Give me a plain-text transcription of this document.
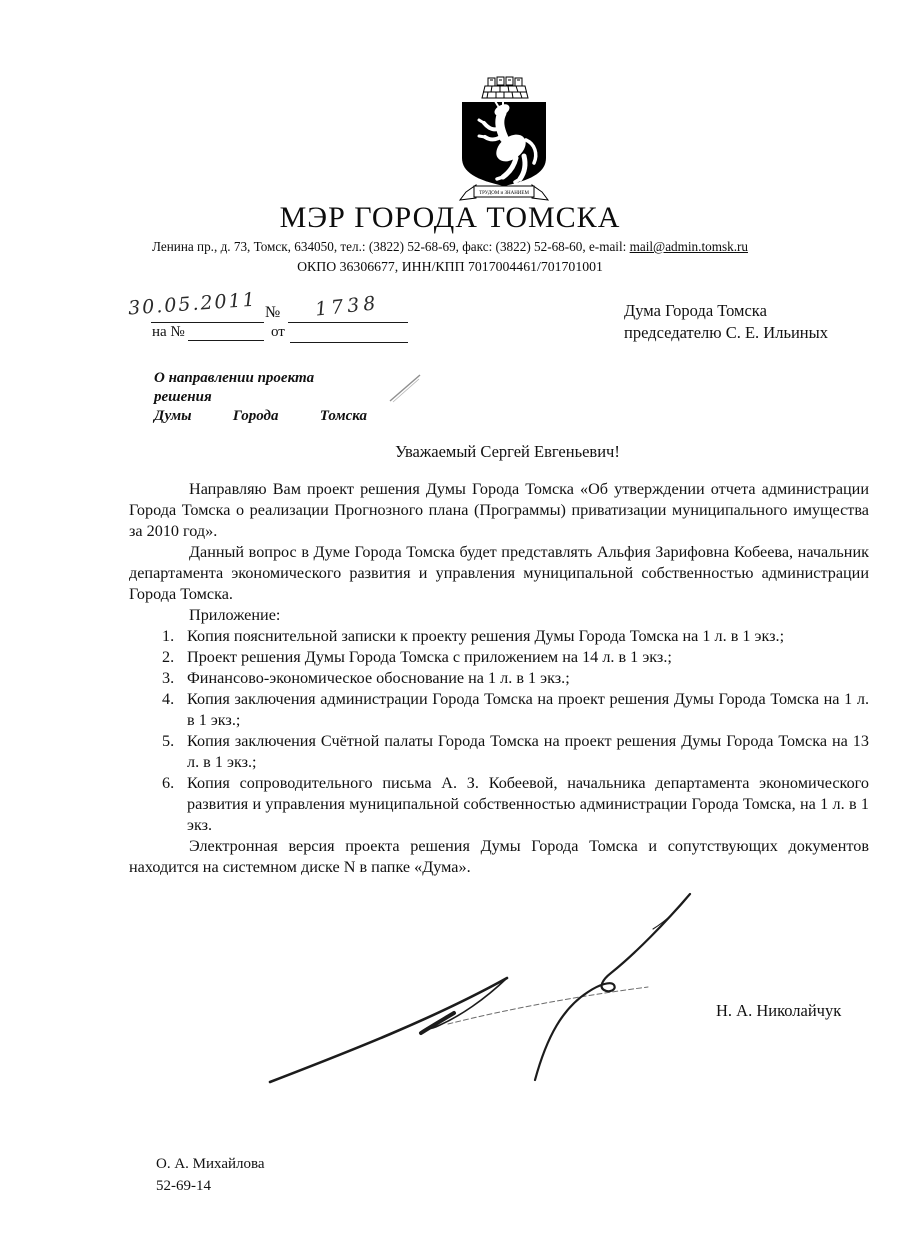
ТРУДОМ и ЗНАНИЕМ
МЭР ГОРОДА ТОМСКА
Ленина пр., д. 73, Томск, 634050, тел.: (3822) 52-68-69, факс: (3822) 52-68-60, e-mail: mail@admin.tomsk.ru
ОКПО 36306677, ИНН/КПП 7017004461/701701001
30.05.2011 № 1738
на №	от
Дума Города Томска
председателю С. Е. Ильиных
О направлении проекта решения
Думы	Города	Томска
Уважаемый Сергей Евгеньевич!

Направляю Вам проект решения Думы Города Томска «Об утверждении отчета администрации Города Томска о реализации Прогнозного плана (Программы) приватизации муниципального имущества за 2010 год».

Данный вопрос в Думе Города Томска будет представлять Альфия Зарифовна Кобеева, начальник департамента экономического развития и управления муниципальной собственностью администрации Города Томска.

Приложение:

1. Копия пояснительной записки к проекту решения Думы Города Томска на 1 л. в 1 экз.;
2. Проект решения Думы Города Томска с приложением на 14 л. в 1 экз.;
3. Финансово-экономическое обоснование на 1 л. в 1 экз.;
4. Копия заключения администрации Города Томска на проект решения Думы Города Томска на 1 л. в 1 экз.;
5. Копия заключения Счётной палаты Города Томска на проект решения Думы Города Томска на 13 л. в 1 экз.;
6. Копия сопроводительного письма А. З. Кобеевой, начальника департамента экономического развития и управления муниципальной собственностью администрации Города Томска, на 1 л. в 1 экз.

Электронная версия проекта решения Думы Города Томска и сопутствующих документов находится на системном диске N в папке «Дума».

Н. А. Николайчук
О. А. Михайлова
52-69-14
